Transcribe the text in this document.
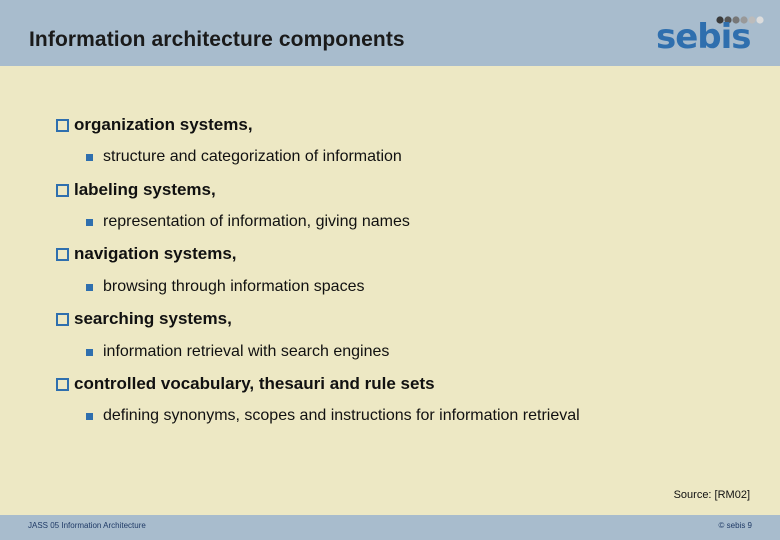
Information architecture components	sebis
organization systems,
structure and categorization of information
labeling systems,
representation of information, giving names
navigation systems,
browsing through information spaces
searching systems,
information retrieval with search engines
controlled vocabulary, thesauri and rule sets
defining synonyms, scopes and instructions for information retrieval
Source: [RM02]
JASS 05 Information Architecture	© sebis 9
